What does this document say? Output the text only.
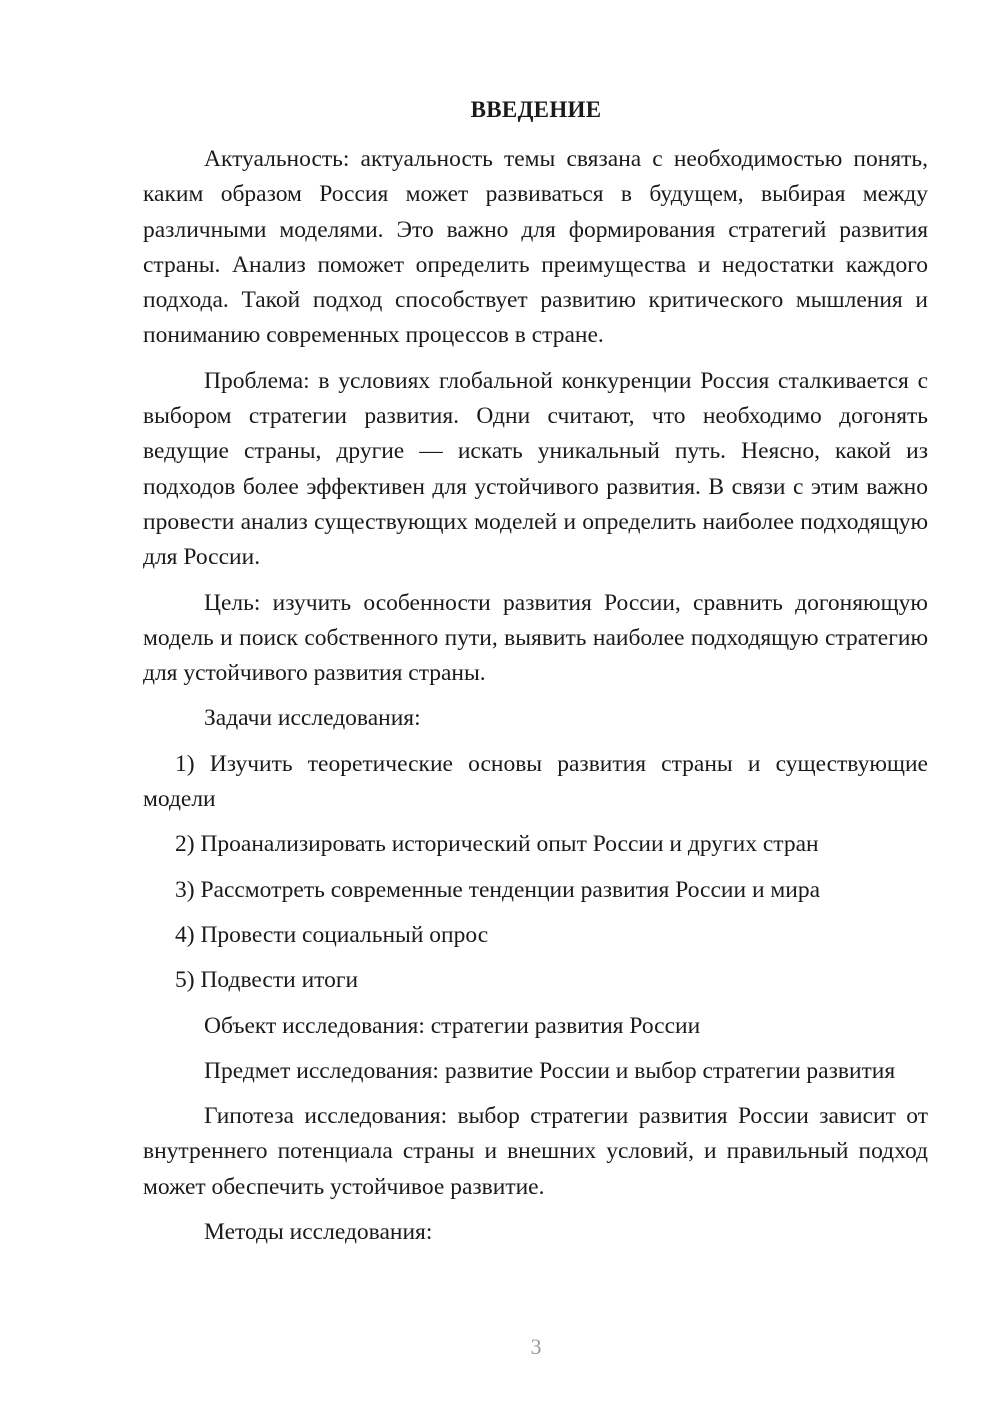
ВВЕДЕНИЕ

Актуальность: актуальность темы связана с необходимостью понять, каким образом Россия может развиваться в будущем, выбирая между различными моделями. Это важно для формирования стратегий развития страны. Анализ поможет определить преимущества и недостатки каждого подхода. Такой подход способствует развитию критического мышления и пониманию современных процессов в стране.

Проблема: в условиях глобальной конкуренции Россия сталкивается с выбором стратегии развития. Одни считают, что необходимо догонять ведущие страны, другие — искать уникальный путь. Неясно, какой из подходов более эффективен для устойчивого развития. В связи с этим важно провести анализ существующих моделей и определить наиболее подходящую для России.

Цель: изучить особенности развития России, сравнить догоняющую модель и поиск собственного пути, выявить наиболее подходящую стратегию для устойчивого развития страны.

Задачи исследования:

1) Изучить теоретические основы развития страны и существующие модели

2) Проанализировать исторический опыт России и других стран

3) Рассмотреть современные тенденции развития России и мира

4) Провести социальный опрос

5) Подвести итоги

Объект исследования: стратегии развития России

Предмет исследования: развитие России и выбор стратегии развития

Гипотеза исследования: выбор стратегии развития России зависит от внутреннего потенциала страны и внешних условий, и правильный подход может обеспечить устойчивое развитие.

Методы исследования:

3
